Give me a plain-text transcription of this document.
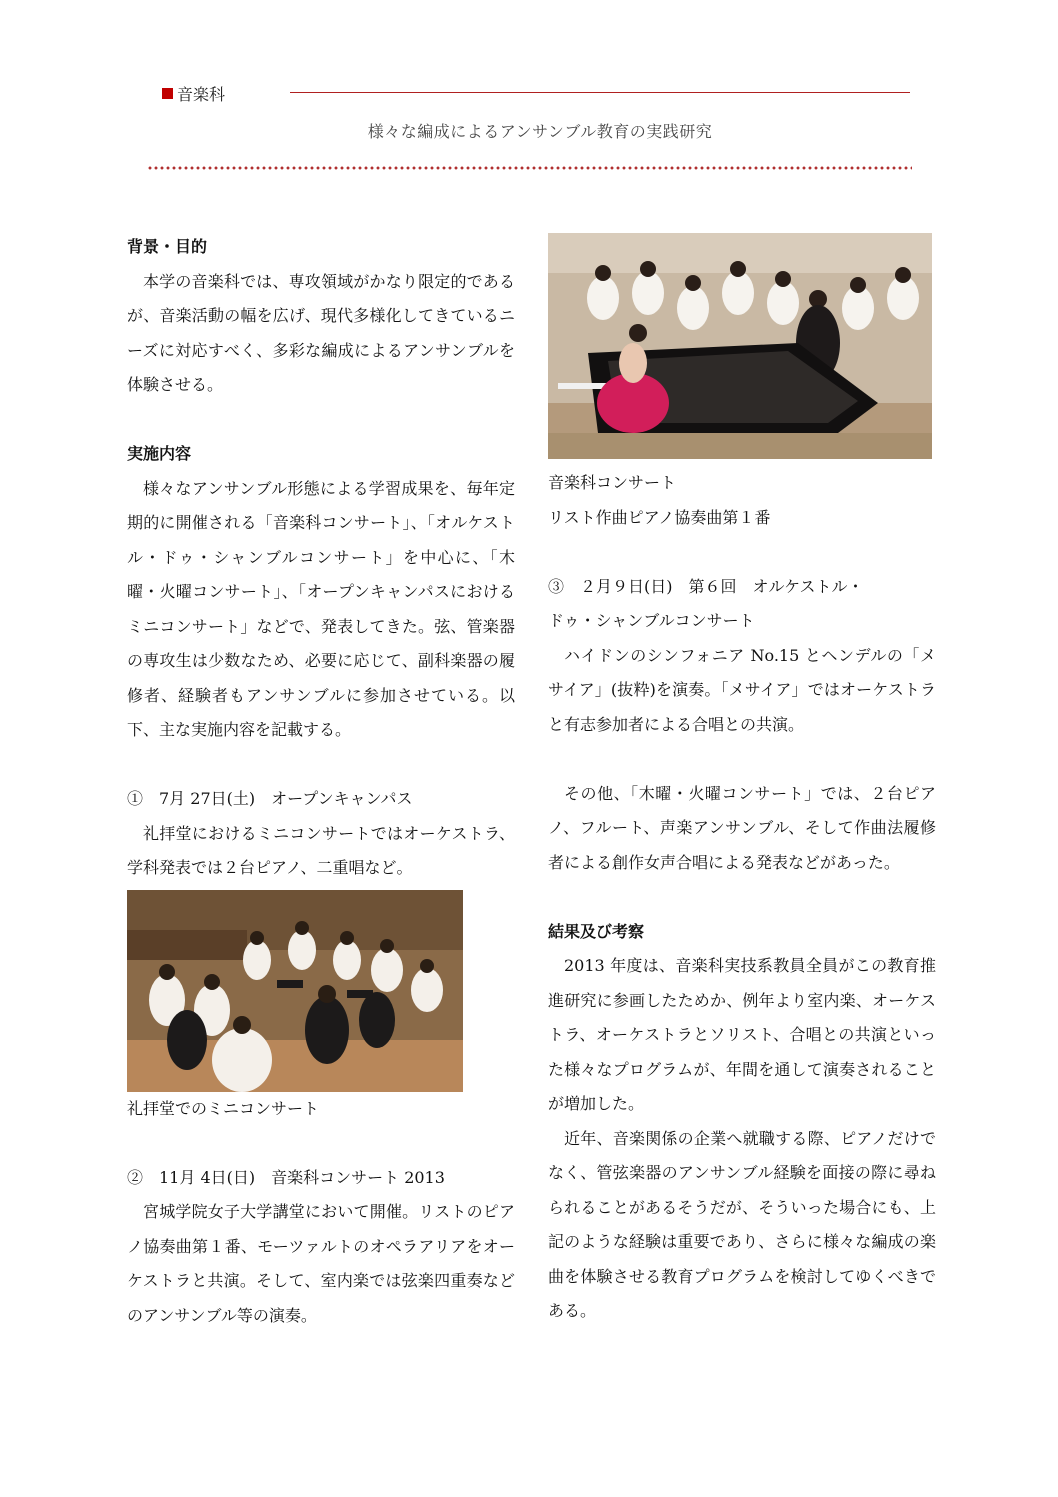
音楽科
様々な編成によるアンサンブル教育の実践研究
背景・目的

本学の音楽科では、専攻領域がかなり限定的であるが、音楽活動の幅を広げ、現代多様化してきているニーズに対応すべく、多彩な編成によるアンサンブルを体験させる。

実施内容

様々なアンサンブル形態による学習成果を、毎年定期的に開催される「音楽科コンサート」、「オルケストル・ドゥ・シャンブルコンサート」を中心に、「木曜・火曜コンサート」、「オープンキャンパスにおけるミニコンサート」などで、発表してきた。弦、管楽器の専攻生は少数なため、必要に応じて、副科楽器の履修者、経験者もアンサンブルに参加させている。以下、主な実施内容を記載する。

①　7月 27日(土)　オープンキャンパス

礼拝堂におけるミニコンサートではオーケストラ、学科発表では２台ピアノ、二重唱など。

礼拝堂でのミニコンサート

②　11月 4日(日)　音楽科コンサート 2013

宮城学院女子大学講堂において開催。リストのピアノ協奏曲第１番、モーツァルトのオペラアリアをオーケストラと共演。そして、室内楽では弦楽四重奏などのアンサンブル等の演奏。

音楽科コンサート

リスト作曲ピアノ協奏曲第１番

③　２月９日(日)　第６回　オルケストル・

ドゥ・シャンブルコンサート

ハイドンのシンフォニア No.15 とヘンデルの「メサイア」(抜粋)を演奏。「メサイア」ではオーケストラと有志参加者による合唱との共演。

その他、「木曜・火曜コンサート」では、２台ピアノ、フルート、声楽アンサンブル、そして作曲法履修者による創作女声合唱による発表などがあった。

結果及び考察

2013 年度は、音楽科実技系教員全員がこの教育推進研究に参画したためか、例年より室内楽、オーケストラ、オーケストラとソリスト、合唱との共演といった様々なプログラムが、年間を通して演奏されることが増加した。

近年、音楽関係の企業へ就職する際、ピアノだけでなく、管弦楽器のアンサンブル経験を面接の際に尋ねられることがあるそうだが、そういった場合にも、上記のような経験は重要であり、さらに様々な編成の楽曲を体験させる教育プログラムを検討してゆくべきである。
